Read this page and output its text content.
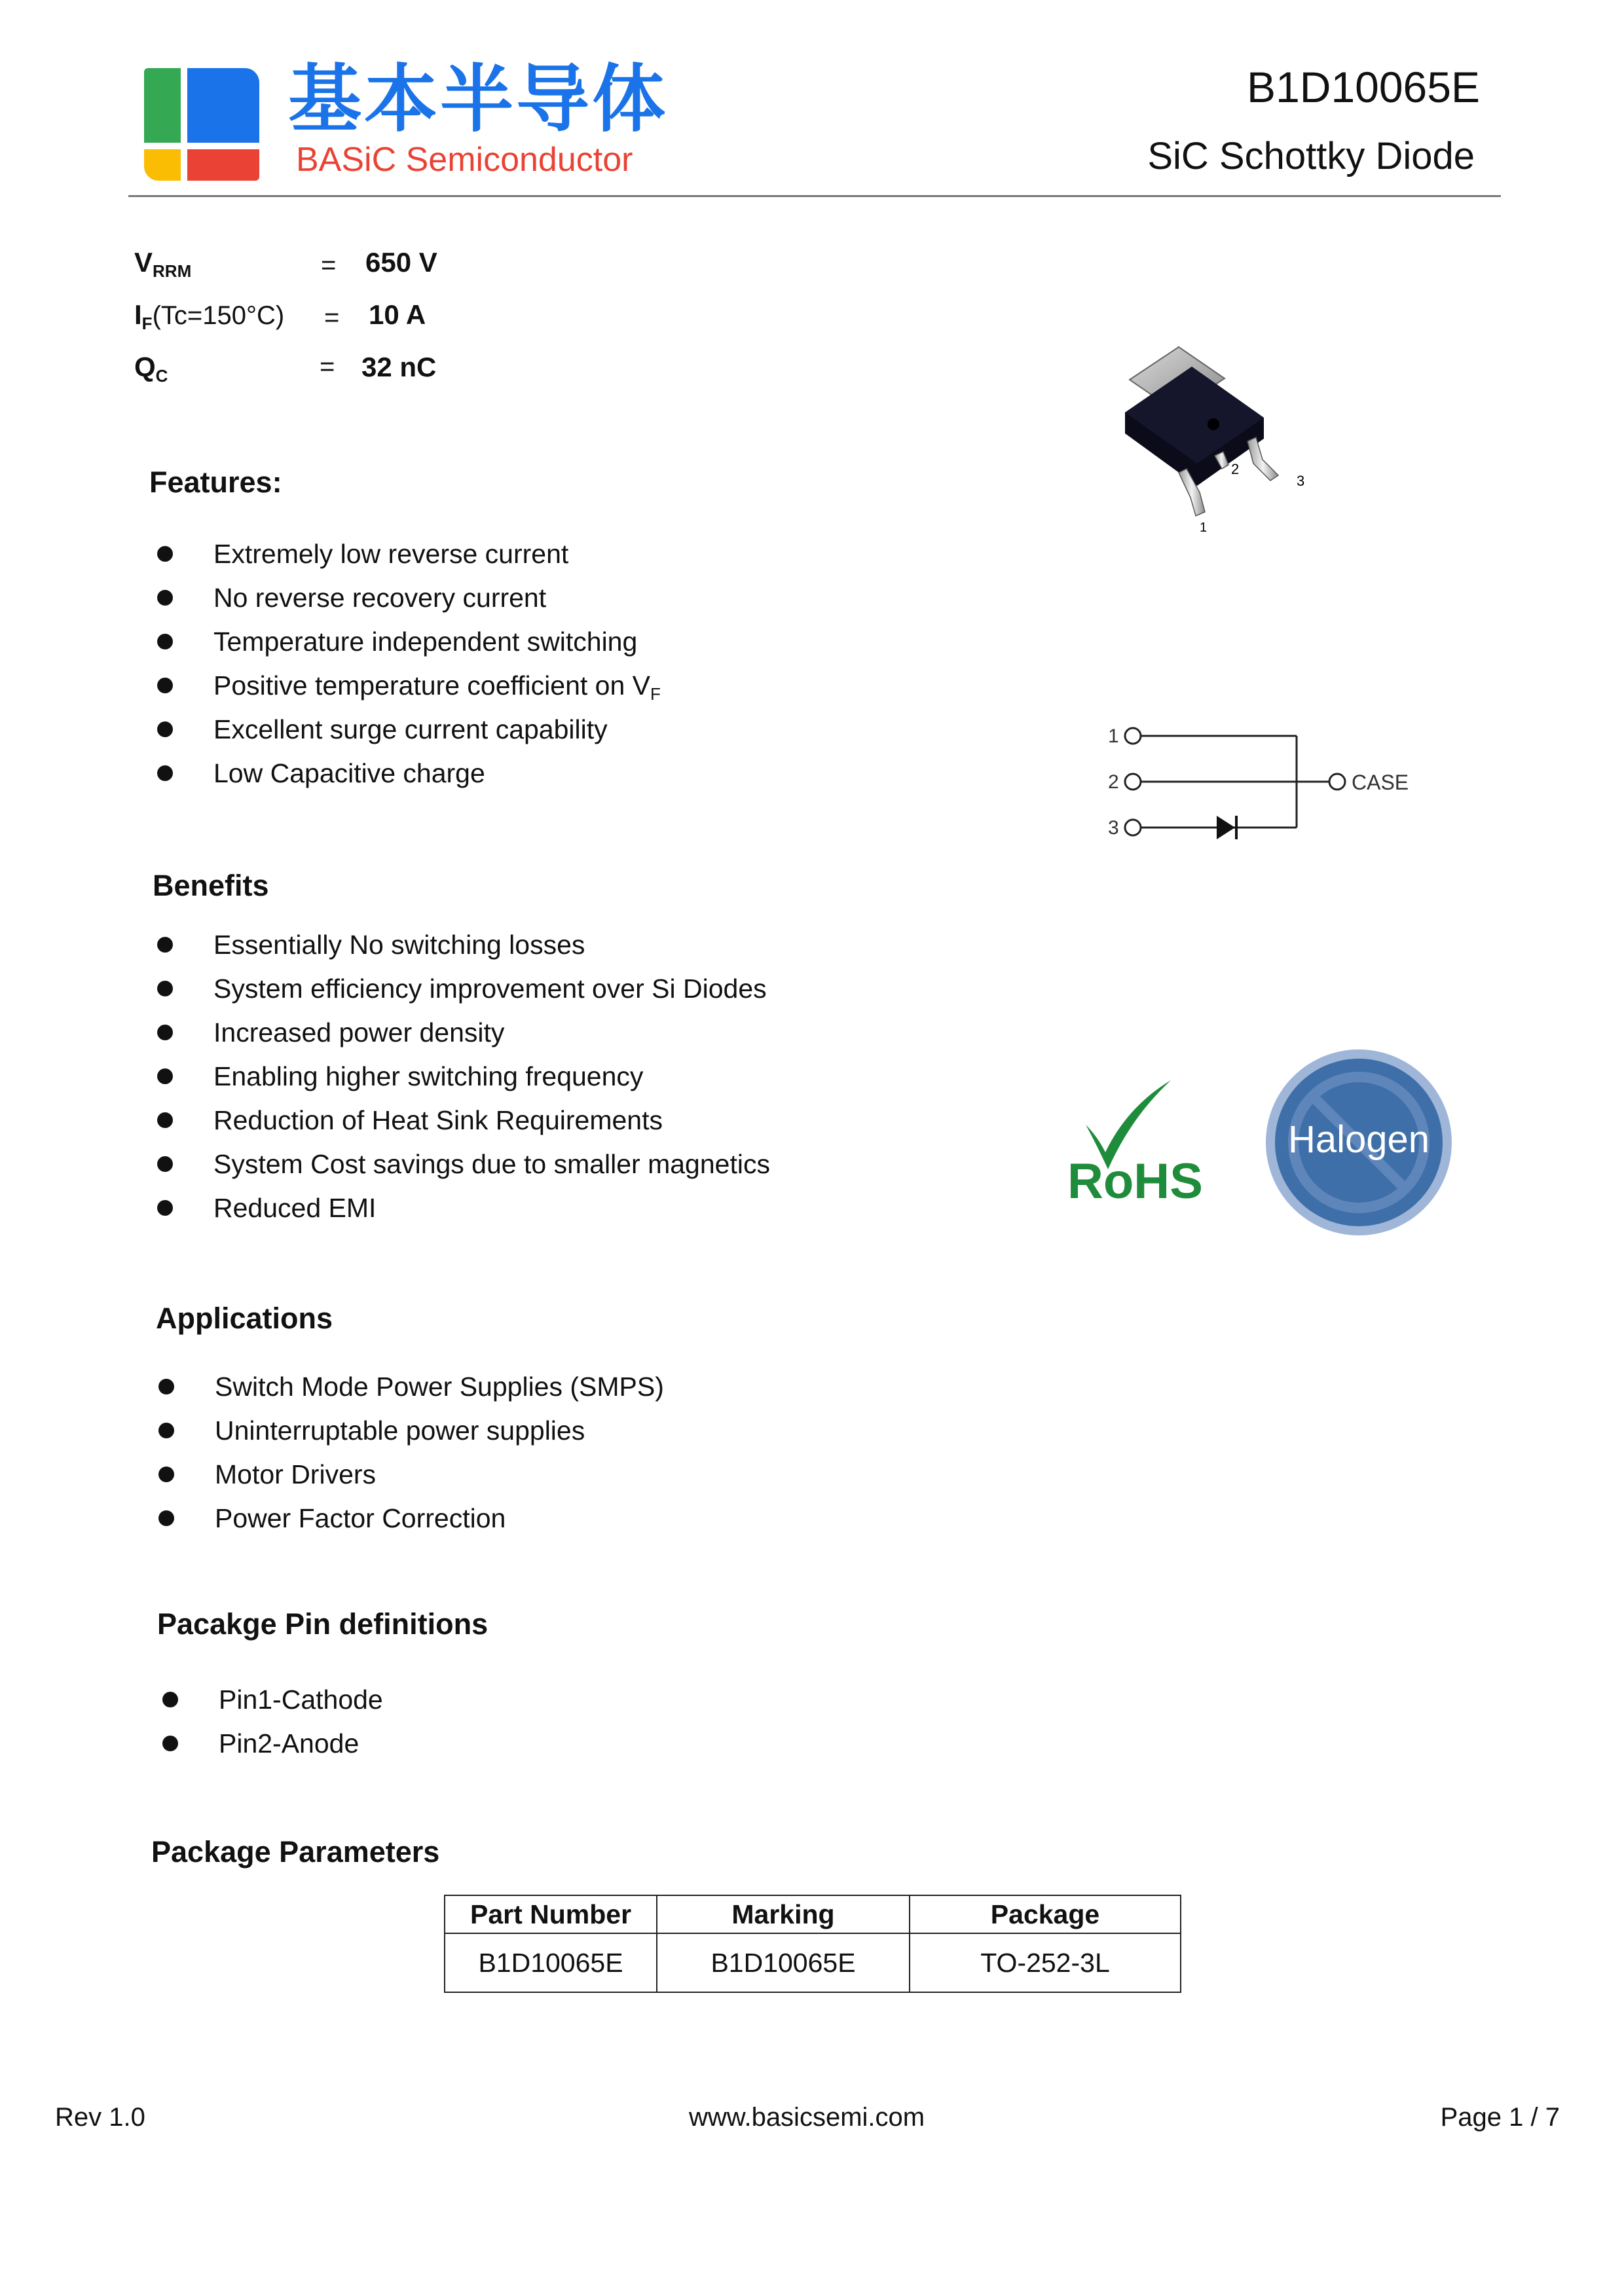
基本半导体
BASiC Semiconductor
B1D10065E
SiC Schottky Diode
$V_{RRM}$	= 650 V
$I_F(Tc=150^\circ C) = 10$ A
$Q_C$	= 32 nC
Features:
Extremely low reverse current
No reverse recovery current
Temperature independent switching
Positive temperature coefficient on $V_F$
Excellent surge current capability
Low Capacitive charge
Benefits
Essentially No switching losses
System efficiency improvement over Si Diodes
Increased power density
Enabling higher switching frequency
Reduction of Heat Sink Requirements
System Cost savings due to smaller magnetics
Reduced EMI
Applications
Switch Mode Power Supplies (SMPS)
Uninterruptable power supplies
Motor Drivers
Power Factor Correction
Pacakge Pin definitions
Pin1-Cathode
Pin2-Anode
Package Parameters
Part Number	Marking	Package
B1D10065E	B1D10065E	TO-252-3L
1
2
3
1
2
3
CASE
RoHS
Halogen
Rev 1.0	www.basicsemi.com	Page 1 / 7
